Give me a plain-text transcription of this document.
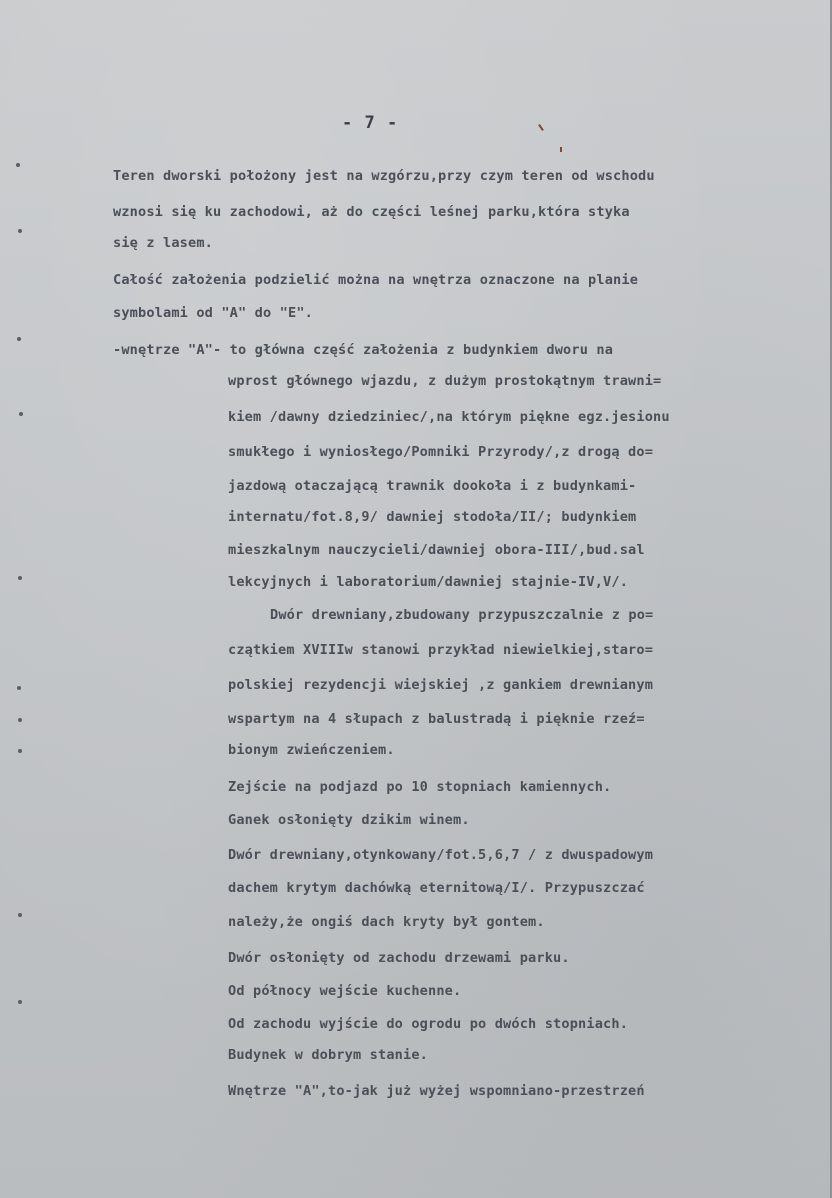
- 7 -
Teren dworski położony jest na wzgórzu,przy czym teren od wschodu
wznosi się ku zachodowi, aż do części leśnej parku,która styka
się z lasem.
Całość założenia podzielić można na wnętrza oznaczone na planie
symbolami od "A" do "E".
-wnętrze "A"- to główna część założenia z budynkiem dworu na
wprost głównego wjazdu, z dużym prostokątnym trawni=
kiem /dawny dziedziniec/,na którym piękne egz.jesionu
smukłego i wyniosłego/Pomniki Przyrody/,z drogą do=
jazdową otaczającą trawnik dookoła i z budynkami-
internatu/fot.8,9/ dawniej stodoła/II/; budynkiem
mieszkalnym nauczycieli/dawniej obora-III/,bud.sal
lekcyjnych i laboratorium/dawniej stajnie-IV,V/.
Dwór drewniany,zbudowany przypuszczalnie z po=
czątkiem XVIIIw stanowi przykład niewielkiej,staro=
polskiej rezydencji wiejskiej ,z gankiem drewnianym
wspartym na 4 słupach z balustradą i pięknie rzeź=
bionym zwieńczeniem.
Zejście na podjazd po 10 stopniach kamiennych.
Ganek osłonięty dzikim winem.
Dwór drewniany,otynkowany/fot.5,6,7 / z dwuspadowym
dachem krytym dachówką eternitową/I/. Przypuszczać
należy,że ongiś dach kryty był gontem.
Dwór osłonięty od zachodu drzewami parku.
Od północy wejście kuchenne.
Od zachodu wyjście do ogrodu po dwóch stopniach.
Budynek w dobrym stanie.
Wnętrze "A",to-jak już wyżej wspomniano-przestrzeń
